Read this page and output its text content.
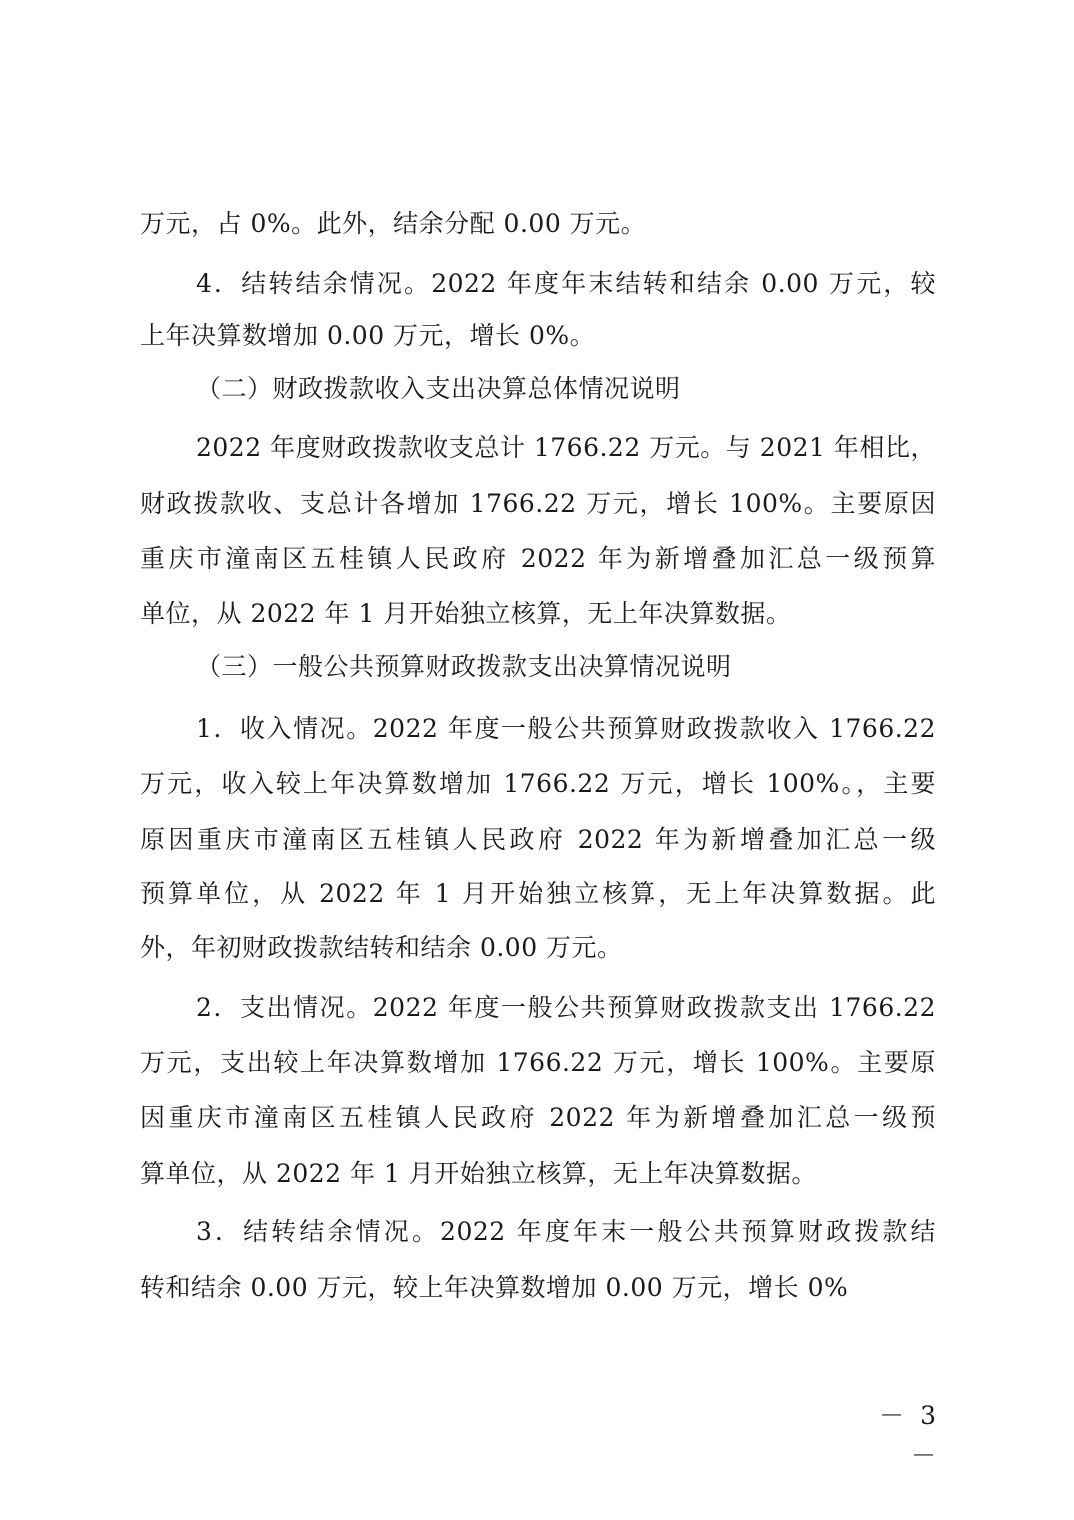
万元，占 0%。此外，结余分配 0.00 万元。
4．结转结余情况。2022 年度年末结转和结余 0.00 万元，较
上年决算数增加 0.00 万元，增长 0%。
（二）财政拨款收入支出决算总体情况说明
2022 年度财政拨款收支总计 1766.22 万元。与 2021 年相比，
财政拨款收、支总计各增加 1766.22 万元，增长 100%。主要原因
重庆市潼南区五桂镇人民政府 2022 年为新增叠加汇总一级预算
单位，从 2022 年 1 月开始独立核算，无上年决算数据。
（三）一般公共预算财政拨款支出决算情况说明
1．收入情况。2022 年度一般公共预算财政拨款收入 1766.22
万元，收入较上年决算数增加 1766.22 万元，增长 100%。，主要
原因重庆市潼南区五桂镇人民政府 2022 年为新增叠加汇总一级
预算单位，从 2022 年 1 月开始独立核算，无上年决算数据。此
外，年初财政拨款结转和结余 0.00 万元。
2．支出情况。2022 年度一般公共预算财政拨款支出 1766.22
万元，支出较上年决算数增加 1766.22 万元，增长 100%。主要原
因重庆市潼南区五桂镇人民政府 2022 年为新增叠加汇总一级预
算单位，从 2022 年 1 月开始独立核算，无上年决算数据。
3．结转结余情况。2022 年度年末一般公共预算财政拨款结
转和结余 0.00 万元，较上年决算数增加 0.00 万元，增长 0%
－ 3 －
